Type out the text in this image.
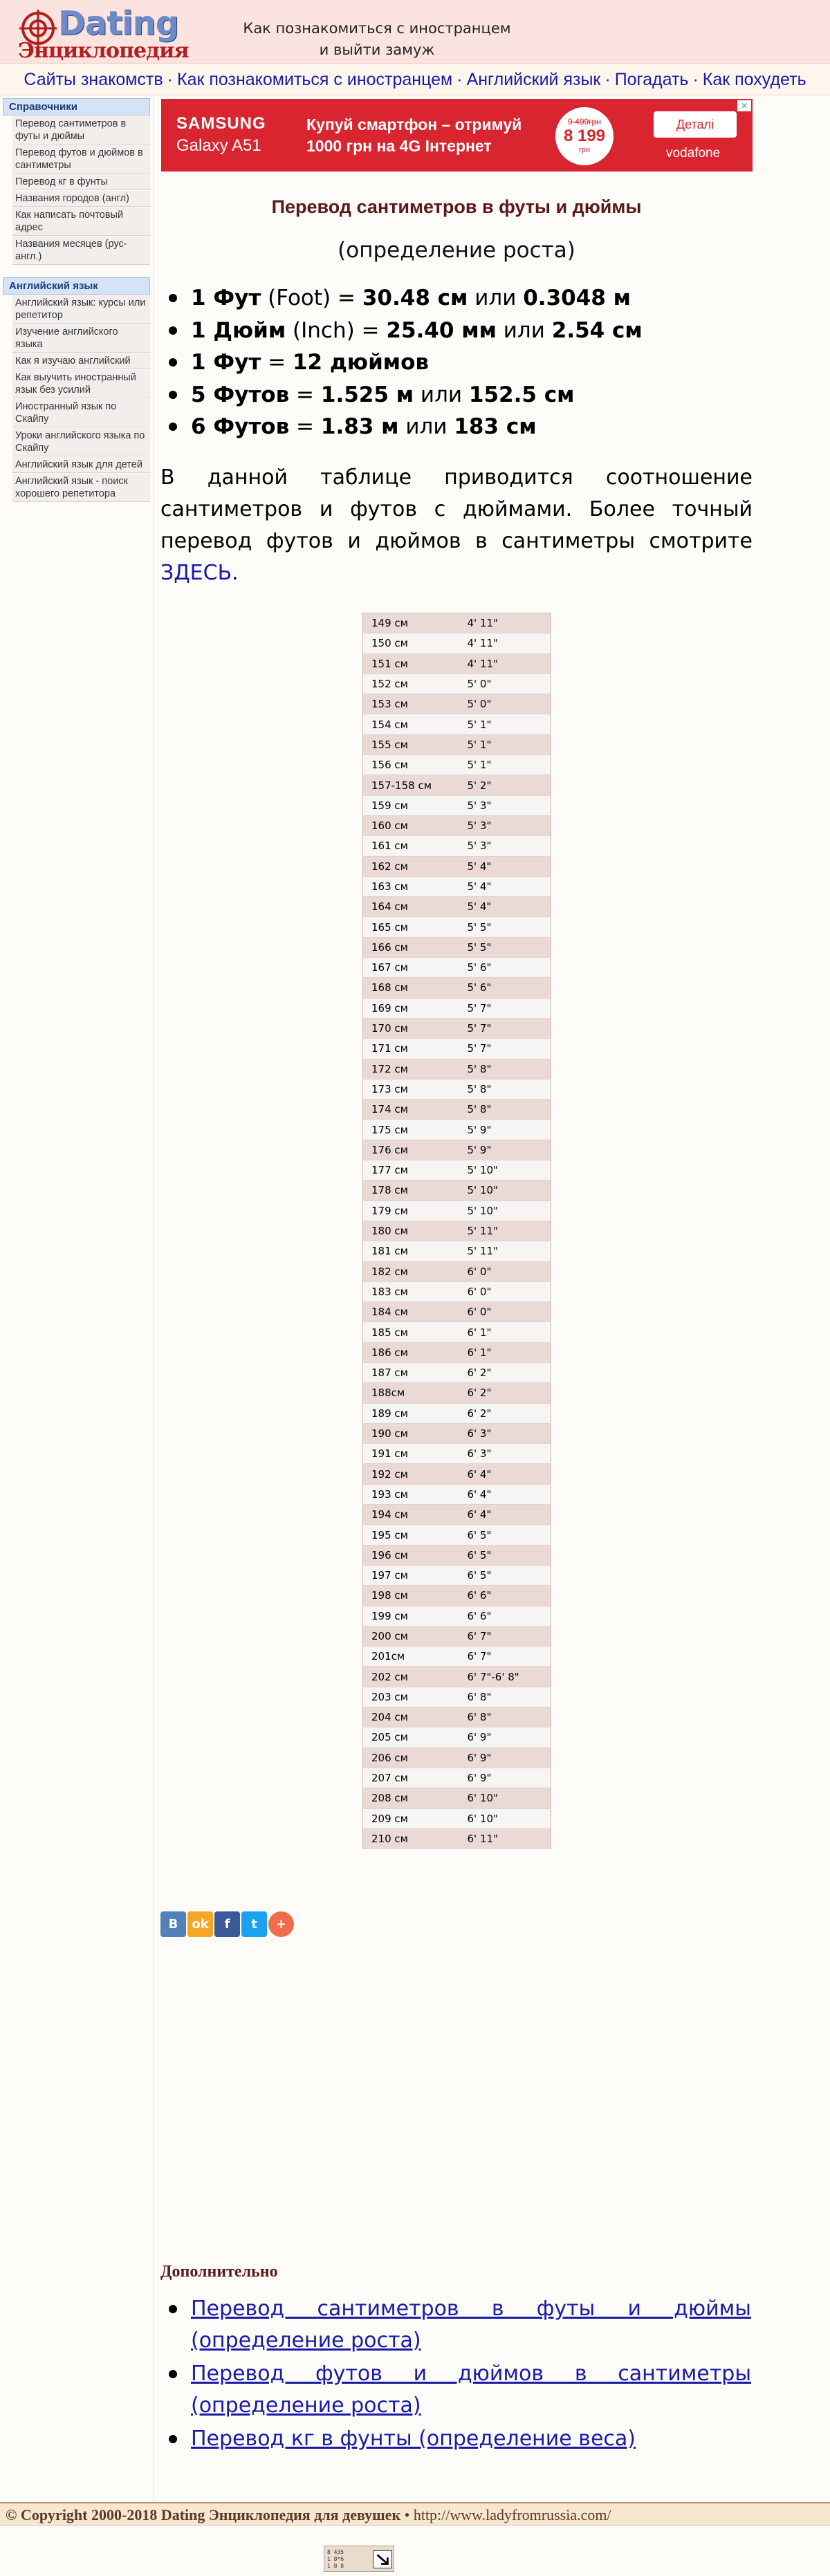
Dating
Энциклопедия
Как познакомиться с иностранцем
и выйти замуж
Сайты знакомств · Как познакомиться с иностранцем · Английский язык · Погадать · Как похудеть
Справочники
Перевод сантиметров в футы и дюймы
Перевод футов и дюймов в сантиметры
Перевод кг в фунты
Названия городов (англ)
Как написать почтовый адрес
Названия месяцев (рус-англ.)
Английский язык
Английский язык: курсы или репетитор
Изучение английского языка
Как я изучаю английский
Как выучить иностранный язык без усилий
Иностранный язык по Скайпу
Уроки английского языка по Скайпу
Английский язык для детей
Английский язык - поиск хорошего репетитора
SAMSUNG
Galaxy A51
Купуй смартфон – отримуй
1000 грн на 4G Інтернет
9 499грн
8 199
грн
Деталі
vodafone
✕
Перевод сантиметров в футы и дюймы
(определение роста)
1 Фут (Foot) = 30.48 см или 0.3048 м
1 Дюйм (Inch) = 25.40 мм или 2.54 см
1 Фут = 12 дюймов
5 Футов = 1.525 м или 152.5 см
6 Футов = 1.83 м или 183 см

В данной таблице приводится соотношение сантиметров и футов с дюймами. Более точный перевод футов и дюймов в сантиметры смотрите ЗДЕСЬ.

149 см	4' 11"
150 см	4' 11"
151 см	4' 11"
152 см	5' 0"
153 см	5' 0"
154 см	5' 1"
155 см	5' 1"
156 см	5' 1"
157-158 см	5' 2"
159 см	5' 3"
160 см	5' 3"
161 см	5' 3"
162 см	5' 4"
163 см	5' 4"
164 см	5' 4"
165 см	5' 5"
166 см	5' 5"
167 см	5' 6"
168 см	5' 6"
169 см	5' 7"
170 см	5' 7"
171 см	5' 7"
172 см	5' 8"
173 см	5' 8"
174 см	5' 8"
175 см	5' 9"
176 см	5' 9"
177 см	5' 10"
178 см	5' 10"
179 см	5' 10"
180 см	5' 11"
181 см	5' 11"
182 см	6' 0"
183 см	6' 0"
184 см	6' 0"
185 см	6' 1"
186 см	6' 1"
187 см	6' 2"
188см	6' 2"
189 см	6' 2"
190 см	6' 3"
191 см	6' 3"
192 см	6' 4"
193 см	6' 4"
194 см	6' 4"
195 см	6' 5"
196 см	6' 5"
197 см	6' 5"
198 см	6' 6"
199 см	6' 6"
200 см	6' 7"
201см	6' 7"
202 см	6' 7"-6' 8"
203 см	6' 8"
204 см	6' 8"
205 см	6' 9"
206 см	6' 9"
207 см	6' 9"
208 см	6' 10"
209 см	6' 10"
210 см	6' 11"
B	ok	f	t	+
Дополнительно
Перевод сантиметров в футы и дюймы (определение роста)
Перевод футов и дюймов в сантиметры (определение роста)
Перевод кг в фунты (определение веса)
© Copyright 2000-2018 Dating Энциклопедия для девушек • http://www.ladyfromrussia.com/
8 435
1 8*6
1 8 8
